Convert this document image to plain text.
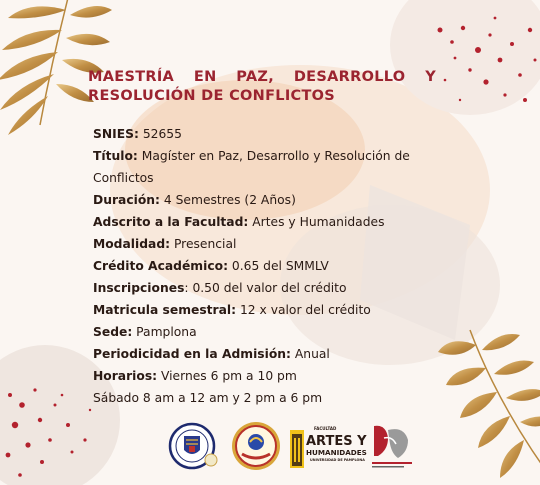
MAESTRÍA EN PAZ, DESARROLLO Y
RESOLUCIÓN DE CONFLICTOS
SNIES: 52655
Título: Magíster en Paz, Desarrollo y Resolución de Conflictos
Duración: 4 Semestres (2 Años)
Adscrito a la Facultad: Artes y Humanidades
Modalidad: Presencial
Crédito Académico: 0.65 del SMMLV
Inscripciones: 0.50 del valor del crédito
Matricula semestral: 12 x valor del crédito
Sede: Pamplona
Periodicidad en la Admisión: Anual
Horarios: Viernes 6 pm a 10 pm
Sábado 8 am a 12 am y 2 pm a 6 pm
FACULTAD
ARTES Y
HUMANIDADES
UNIVERSIDAD DE PAMPLONA
